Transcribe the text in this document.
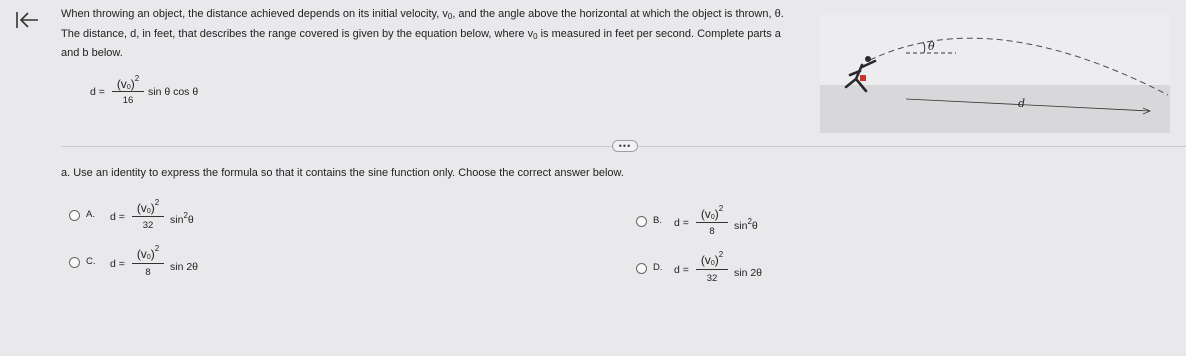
When throwing an object, the distance achieved depends on its initial velocity, $v_0$, and the angle above the horizontal at which the object is thrown, θ.
The distance, d, in feet, that describes the range covered is given by the equation below, where $v_0$ is measured in feet per second. Complete parts a
and b below.
d =
$(v0)^2$
16
sin θ cos θ
θ
d
•••
a. Use an identity to express the formula so that it contains the sine function only. Choose the correct answer below.
A. d =
$(v0)^2$
32	$\sin^2\theta$	B. d =
$(v0)^2$
8	$\sin^2\theta$
C. d =
$(v0)^2$
8	sin 2θ	D. d =
$(v0)^2$
32	sin 2θ
